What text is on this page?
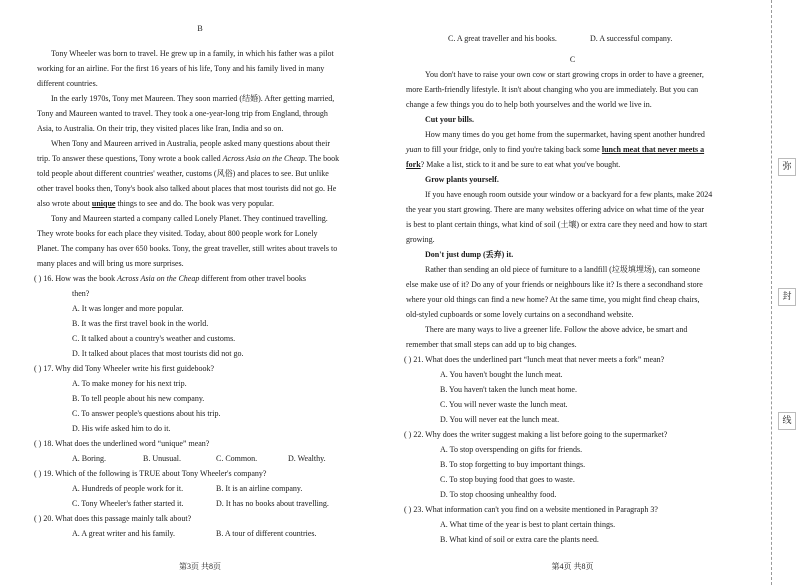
B
Tony Wheeler was born to travel. He grew up in a family, in which his father was a pilot
working for an airline. For the first 16 years of his life, Tony and his family lived in many
different countries.
In the early 1970s, Tony met Maureen. They soon married (结婚). After getting married,
Tony and Maureen wanted to travel. They took a one-year-long trip from England, through
Asia, to Australia. On their trip, they visited places like Iran, India and so on.
When Tony and Maureen arrived in Australia, people asked many questions about their
trip. To answer these questions, Tony wrote a book called Across Asia on the Cheap. The book
told people about different countries' weather, customs (风俗) and places to see. But unlike
other travel books then, Tony's book also talked about places that most tourists did not go. He
also wrote about unique things to see and do. The book was very popular.
Tony and Maureen started a company called Lonely Planet. They continued travelling.
They wrote books for each place they visited. Today, about 800 people work for Lonely
Planet. The company has over 650 books. Tony, the great traveller, still writes about travels to
many places and will bring us more surprises.
( ) 16. How was the book Across Asia on the Cheap different from other travel books
then?
A. It was longer and more popular.
B. It was the first travel book in the world.
C. It talked about a country's weather and customs.
D. It talked about places that most tourists did not go.
( ) 17. Why did Tony Wheeler write his first guidebook?
A. To make money for his next trip.
B. To tell people about his new company.
C. To answer people's questions about his trip.
D. His wife asked him to do it.
( ) 18. What does the underlined word “unique” mean?
A. Boring.	B. Unusual.	C. Common.	D. Wealthy.
( ) 19. Which of the following is TRUE about Tony Wheeler's company?
A. Hundreds of people work for it.	B. It is an airline company.
C. Tony Wheeler's father started it.	D. It has no books about travelling.
( ) 20. What does this passage mainly talk about?
A. A great writer and his family.	B. A tour of different countries.
第3页 共8页
C. A great traveller and his books.	D. A successful company.
C
You don't have to raise your own cow or start growing crops in order to have a greener,
more Earth-friendly lifestyle. It isn't about changing who you are immediately. But you can
change a few things you do to help both yourselves and the world we live in.
Cut your bills.
How many times do you get home from the supermarket, having spent another hundred
yuan to fill your fridge, only to find you're taking back some lunch meat that never meets a
fork? Make a list, stick to it and be sure to eat what you've bought.
Grow plants yourself.
If you have enough room outside your window or a backyard for a few plants, make 2024
the year you start growing. There are many websites offering advice on what time of the year
is best to plant certain things, what kind of soil (土壤) or extra care they need and how to start
growing.
Don't just dump (丢弃) it.
Rather than sending an old piece of furniture to a landfill (垃圾填埋场), can someone
else make use of it? Do any of your friends or neighbours like it? Is there a secondhand store
where your old things can find a new home? At the same time, you might find cheap chairs,
old-styled cupboards or some lovely curtains on a secondhand website.
There are many ways to live a greener life. Follow the above advice, be smart and
remember that small steps can add up to big changes.
( ) 21. What does the underlined part “lunch meat that never meets a fork” mean?
A. You haven't bought the lunch meat.
B. You haven't taken the lunch meat home.
C. You will never waste the lunch meat.
D. You will never eat the lunch meat.
( ) 22. Why does the writer suggest making a list before going to the supermarket?
A. To stop overspending on gifts for friends.
B. To stop forgetting to buy important things.
C. To stop buying food that goes to waste.
D. To stop choosing unhealthy food.
( ) 23. What information can't you find on a website mentioned in Paragraph 3?
A. What time of the year is best to plant certain things.
B. What kind of soil or extra care the plants need.
第4页 共8页
弥
封
线
